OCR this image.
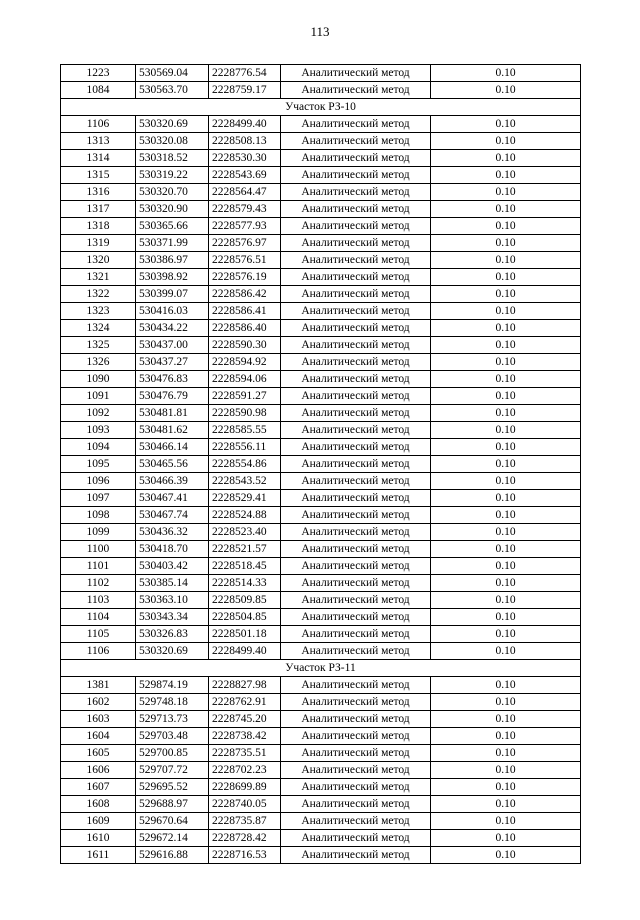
113
1223	530569.04	2228776.54	Аналитический метод	0.10
1084	530563.70	2228759.17	Аналитический метод	0.10
Участок РЗ-10				
1106	530320.69	2228499.40	Аналитический метод	0.10
1313	530320.08	2228508.13	Аналитический метод	0.10
1314	530318.52	2228530.30	Аналитический метод	0.10
1315	530319.22	2228543.69	Аналитический метод	0.10
1316	530320.70	2228564.47	Аналитический метод	0.10
1317	530320.90	2228579.43	Аналитический метод	0.10
1318	530365.66	2228577.93	Аналитический метод	0.10
1319	530371.99	2228576.97	Аналитический метод	0.10
1320	530386.97	2228576.51	Аналитический метод	0.10
1321	530398.92	2228576.19	Аналитический метод	0.10
1322	530399.07	2228586.42	Аналитический метод	0.10
1323	530416.03	2228586.41	Аналитический метод	0.10
1324	530434.22	2228586.40	Аналитический метод	0.10
1325	530437.00	2228590.30	Аналитический метод	0.10
1326	530437.27	2228594.92	Аналитический метод	0.10
1090	530476.83	2228594.06	Аналитический метод	0.10
1091	530476.79	2228591.27	Аналитический метод	0.10
1092	530481.81	2228590.98	Аналитический метод	0.10
1093	530481.62	2228585.55	Аналитический метод	0.10
1094	530466.14	2228556.11	Аналитический метод	0.10
1095	530465.56	2228554.86	Аналитический метод	0.10
1096	530466.39	2228543.52	Аналитический метод	0.10
1097	530467.41	2228529.41	Аналитический метод	0.10
1098	530467.74	2228524.88	Аналитический метод	0.10
1099	530436.32	2228523.40	Аналитический метод	0.10
1100	530418.70	2228521.57	Аналитический метод	0.10
1101	530403.42	2228518.45	Аналитический метод	0.10
1102	530385.14	2228514.33	Аналитический метод	0.10
1103	530363.10	2228509.85	Аналитический метод	0.10
1104	530343.34	2228504.85	Аналитический метод	0.10
1105	530326.83	2228501.18	Аналитический метод	0.10
1106	530320.69	2228499.40	Аналитический метод	0.10
Участок РЗ-11				
1381	529874.19	2228827.98	Аналитический метод	0.10
1602	529748.18	2228762.91	Аналитический метод	0.10
1603	529713.73	2228745.20	Аналитический метод	0.10
1604	529703.48	2228738.42	Аналитический метод	0.10
1605	529700.85	2228735.51	Аналитический метод	0.10
1606	529707.72	2228702.23	Аналитический метод	0.10
1607	529695.52	2228699.89	Аналитический метод	0.10
1608	529688.97	2228740.05	Аналитический метод	0.10
1609	529670.64	2228735.87	Аналитический метод	0.10
1610	529672.14	2228728.42	Аналитический метод	0.10
1611	529616.88	2228716.53	Аналитический метод	0.10
